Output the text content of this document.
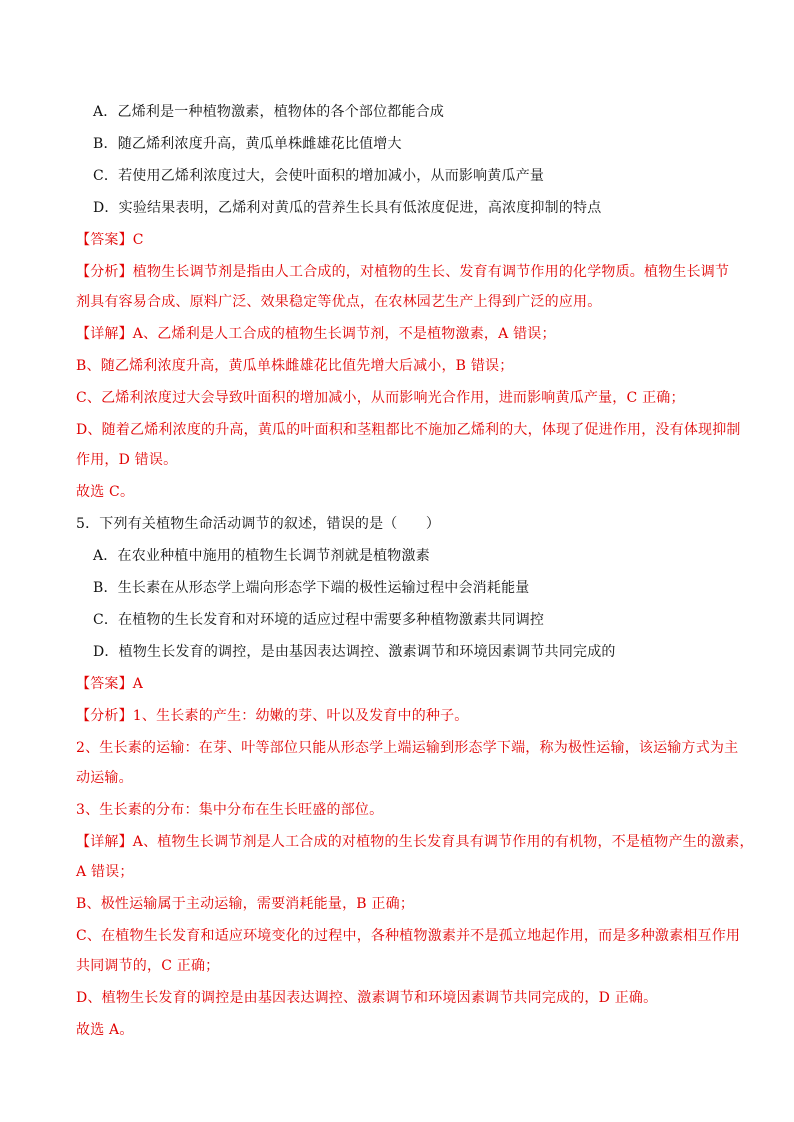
A．乙烯利是一种植物激素，植物体的各个部位都能合成
B．随乙烯利浓度升高，黄瓜单株雌雄花比值增大
C．若使用乙烯利浓度过大，会使叶面积的增加减小，从而影响黄瓜产量
D．实验结果表明，乙烯利对黄瓜的营养生长具有低浓度促进，高浓度抑制的特点
【答案】C
【分析】植物生长调节剂是指由人工合成的，对植物的生长、发育有调节作用的化学物质。植物生长调节
剂具有容易合成、原料广泛、效果稳定等优点，在农林园艺生产上得到广泛的应用。
【详解】A、乙烯利是人工合成的植物生长调节剂，不是植物激素，A 错误；
B、随乙烯利浓度升高，黄瓜单株雌雄花比值先增大后减小，B 错误；
C、乙烯利浓度过大会导致叶面积的增加减小，从而影响光合作用，进而影响黄瓜产量，C 正确；
D、随着乙烯利浓度的升高，黄瓜的叶面积和茎粗都比不施加乙烯利的大，体现了促进作用，没有体现抑制
作用，D 错误。
故选 C。
5．下列有关植物生命活动调节的叙述，错误的是（　　）
A．在农业种植中施用的植物生长调节剂就是植物激素
B．生长素在从形态学上端向形态学下端的极性运输过程中会消耗能量
C．在植物的生长发育和对环境的适应过程中需要多种植物激素共同调控
D．植物生长发育的调控，是由基因表达调控、激素调节和环境因素调节共同完成的
【答案】A
【分析】1、生长素的产生：幼嫩的芽、叶以及发育中的种子。
2、生长素的运输：在芽、叶等部位只能从形态学上端运输到形态学下端，称为极性运输，该运输方式为主
动运输。
3、生长素的分布：集中分布在生长旺盛的部位。
【详解】A、植物生长调节剂是人工合成的对植物的生长发育具有调节作用的有机物，不是植物产生的激素，
A 错误；
B、极性运输属于主动运输，需要消耗能量，B 正确；
C、在植物生长发育和适应环境变化的过程中，各种植物激素并不是孤立地起作用，而是多种激素相互作用
共同调节的，C 正确；
D、植物生长发育的调控是由基因表达调控、激素调节和环境因素调节共同完成的，D 正确。
故选 A。
